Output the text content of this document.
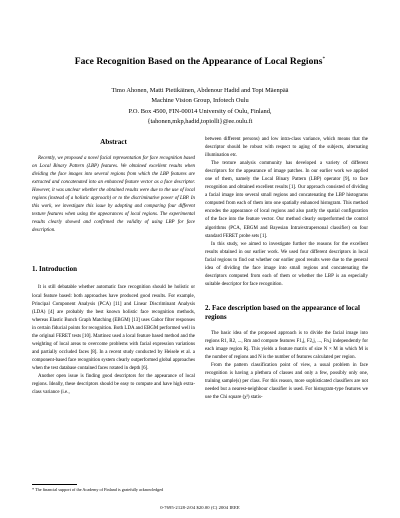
Face Recognition Based on the Appearance of Local Regions*
Timo Ahonen, Matti Pietikäinen, Abdenour Hadid and Topi Mäenpää
Machine Vision Group, Infotech Oulu
P.O. Box 4500, FIN-00014 University of Oulu, Finland,
{tahonen,mkp,hadid,topiolli}@ee.oulu.fi

Abstract

Recently, we proposed a novel facial representation for face recognition based on Local Binary Pattern (LBP) features. We obtained excellent results when dividing the face images into several regions from which the LBP features are extracted and concatenated into an enhanced feature vector as a face descriptor. However, it was unclear whether the obtained results were due to the use of local regions (instead of a holistic approach) or to the discriminative power of LBP. In this work, we investigate this issue by adopting and comparing four different texture features when using the appearances of local regions. The experimental results clearly showed and confirmed the validity of using LBP for face description.

1. Introduction

It is still debatable whether automatic face recognition should be holistic or local feature based: both approaches have produced good results. For example, Principal Component Analysis (PCA) [11] and Linear Discriminant Analysis (LDA) [4] are probably the best known holistic face recognition methods, whereas Elastic Bunch Graph Matching (EBGM) [13] uses Gabor filter responses in certain fiducial points for recognition. Both LDA and EBGM performed well in the original FERET tests [10]. Martinez used a local feature based method and the weighting of local areas to overcome problems with facial expression variations and partially occluded faces [8]. In a recent study conducted by Heisele et al. a component-based face recognition system clearly outperformed global approaches when the test database contained faces rotated in depth [6].

Another open issue is finding good descriptors for the appearance of local regions. Ideally, these descriptors should be easy to compute and have high extra-class variance (i.e.,

between different persons) and low intra-class variance, which means that the descriptor should be robust with respect to aging of the subjects, alternating illumination etc.

The texture analysis community has developed a variety of different descriptors for the appearance of image patches. In our earlier work we applied one of them, namely the Local Binary Pattern (LBP) operator [9], to face recognition and obtained excellent results [1]. Our approach consisted of dividing a facial image into several small regions and concatenating the LBP histograms computed from each of them into one spatially enhanced histogram. This method encodes the appearance of local regions and also partly the spatial configuration of the face into the feature vector. Our method clearly outperformed the control algorithms (PCA, EBGM and Bayesian Intra/extrapersonal classifier) on four standard FERET probe sets [1].

In this study, we aimed to investigate further the reasons for the excellent results obtained in our earlier work. We used four different descriptors in local facial regions to find out whether our earlier good results were due to the general idea of dividing the face image into small regions and concatenating the descriptors computed from each of them or whether the LBP is an especially suitable descriptor for face recognition.

2. Face description based on the appearance of local regions

The basic idea of the proposed approach is to divide the facial image into regions R1, R2, ..., Rm and compute features F1,j, F2,j, ..., Fn,j independently for each image region Rj. This yields a feature matrix of size N × M in which M is the number of regions and N is the number of features calculated per region.

From the pattern classification point of view, a usual problem in face recognition is having a plethora of classes and only a few, possibly only one, training sample(s) per class. For this reason, more sophisticated classifiers are not needed but a nearest-neighbour classifier is used. For histogram-type features we use the Chi square (χ²) statis-

* The financial support of the Academy of Finland is gratefully acknowledged
0-7695-2128-2/04 $20.00 (C) 2004 IEEE
